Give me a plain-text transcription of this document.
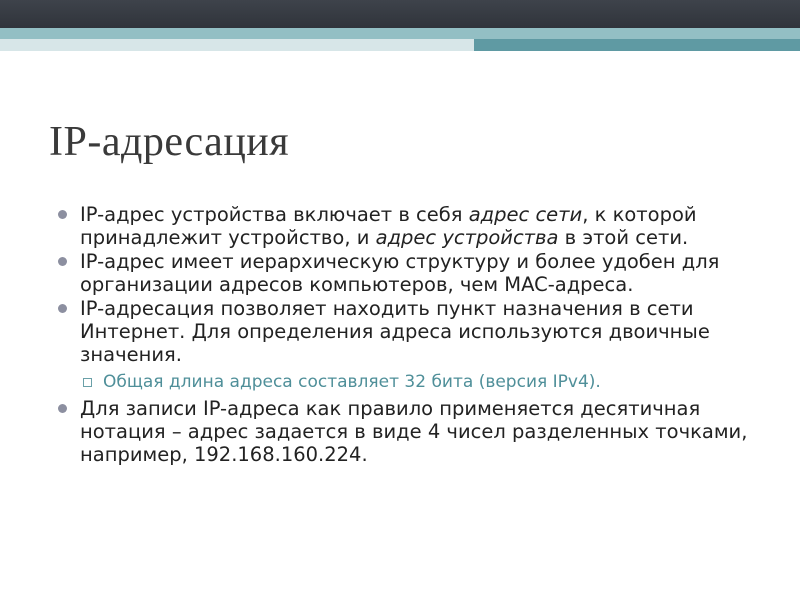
IP-адресация
IP-адрес устройства включает в себя адрес сети, к которой принадлежит устройство, и адрес устройства в этой сети.
IP-адрес имеет иерархическую структуру и более удобен для организации адресов компьютеров, чем MAC-адреса.
IP-адресация позволяет находить пункт назначения в сети Интернет. Для определения адреса используются двоичные значения.
Общая длина адреса составляет 32 бита (версия IPv4).
Для записи IP-адреса как правило применяется десятичная нотация – адрес задается в виде 4 чисел разделенных точками, например, 192.168.160.224.
